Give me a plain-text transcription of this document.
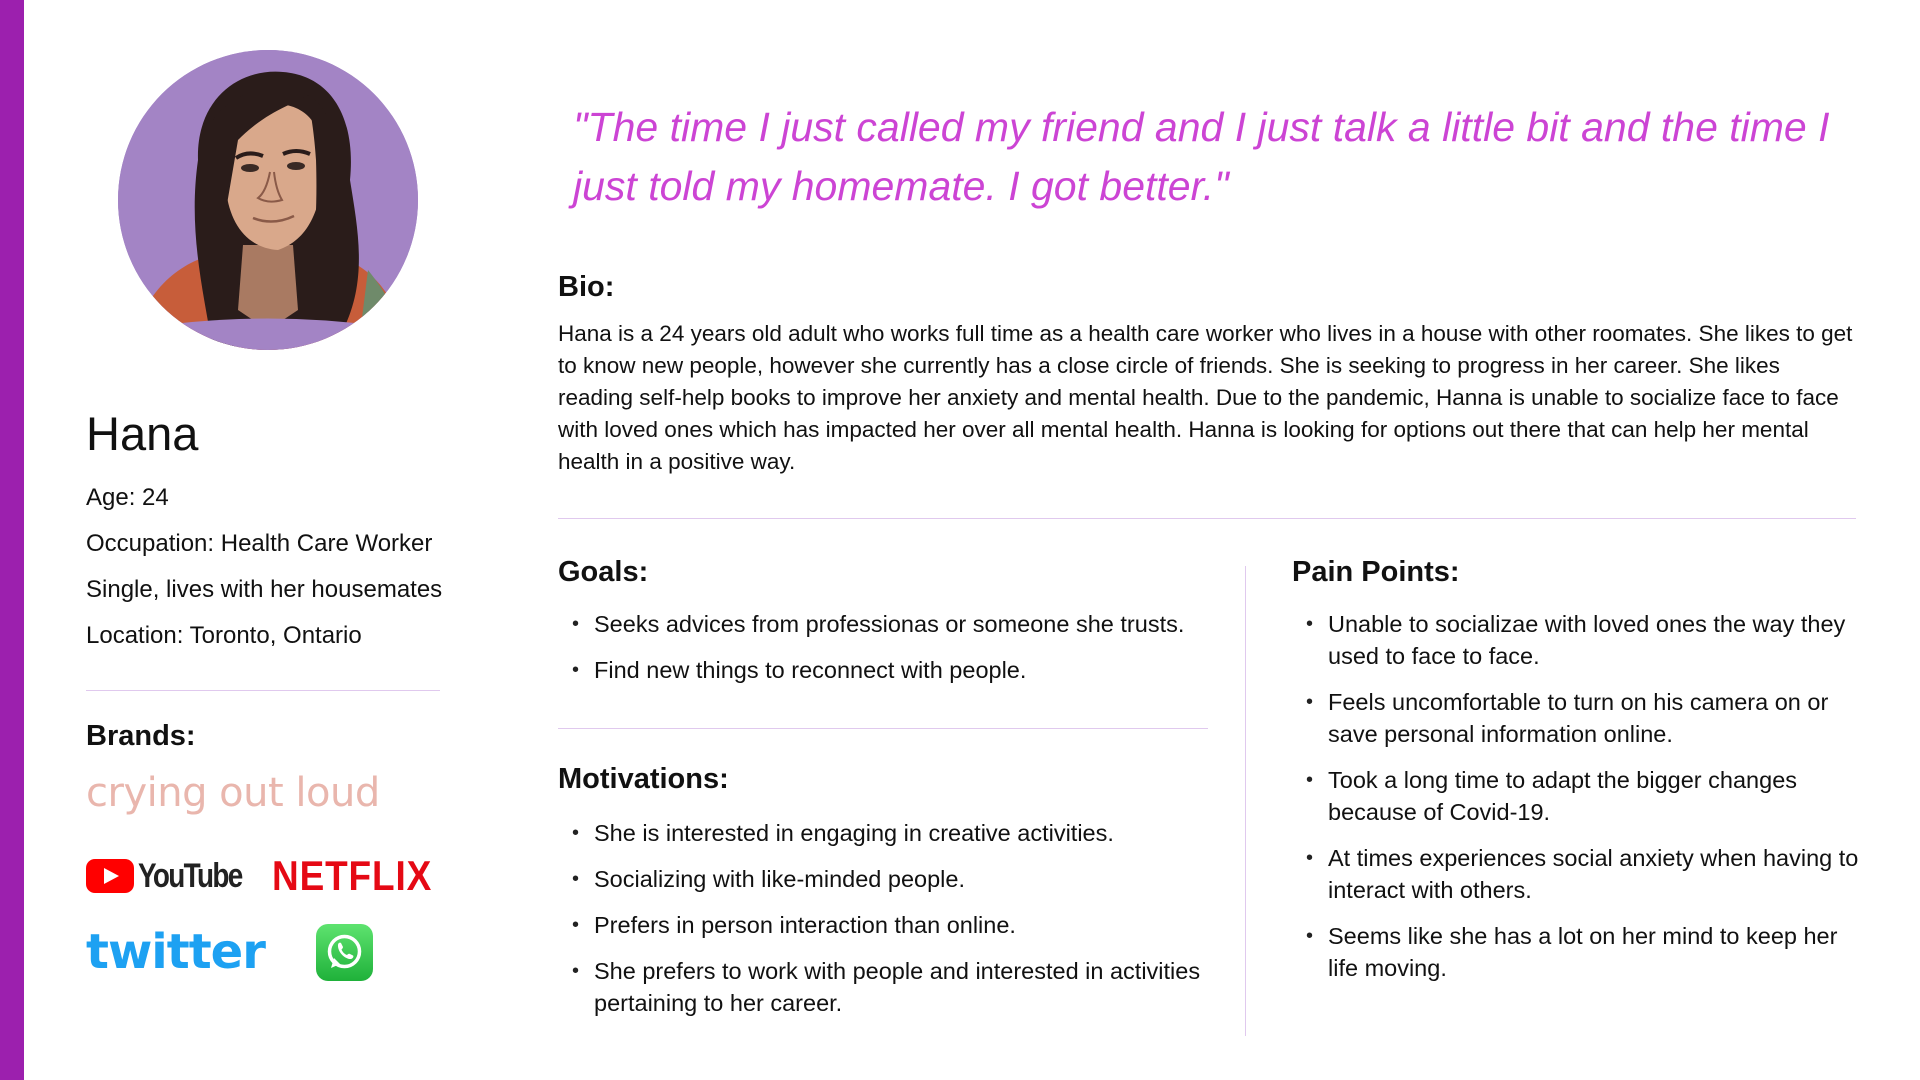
Hana
Age: 24
Occupation: Health Care Worker
Single, lives with her housemates
Location: Toronto, Ontario
Brands:
crying out loud
YouTube NETFLIX
twitter
"The time I just called my friend and I just talk a little bit and the time I just told my homemate. I got better."
Bio:
Hana is a 24 years old adult who works full time as a health care worker who lives in a house with other roomates. She likes to get to know new people, however she currently has a close circle of friends. She is seeking to progress in her career. She likes reading self-help books to improve her anxiety and mental health. Due to the pandemic, Hanna is unable to socialize face to face with loved ones which has impacted her over all mental health. Hanna is looking for options out there that can help her mental health in a positive way.
Goals:
• Seeks advices from professionas or someone she trusts.
• Find new things to reconnect with people.
Motivations:
• She is interested in engaging in creative activities.
• Socializing with like-minded people.
• Prefers in person interaction than online.
• She prefers to work with people and interested in activities pertaining to her career.
Pain Points:
• Unable to socializae with loved ones the way they used to face to face.
• Feels uncomfortable to turn on his camera on or save personal information online.
• Took a long time to adapt the bigger changes because of Covid-19.
• At times experiences social anxiety when having to interact with others.
• Seems like she has a lot on her mind to keep her life moving.
